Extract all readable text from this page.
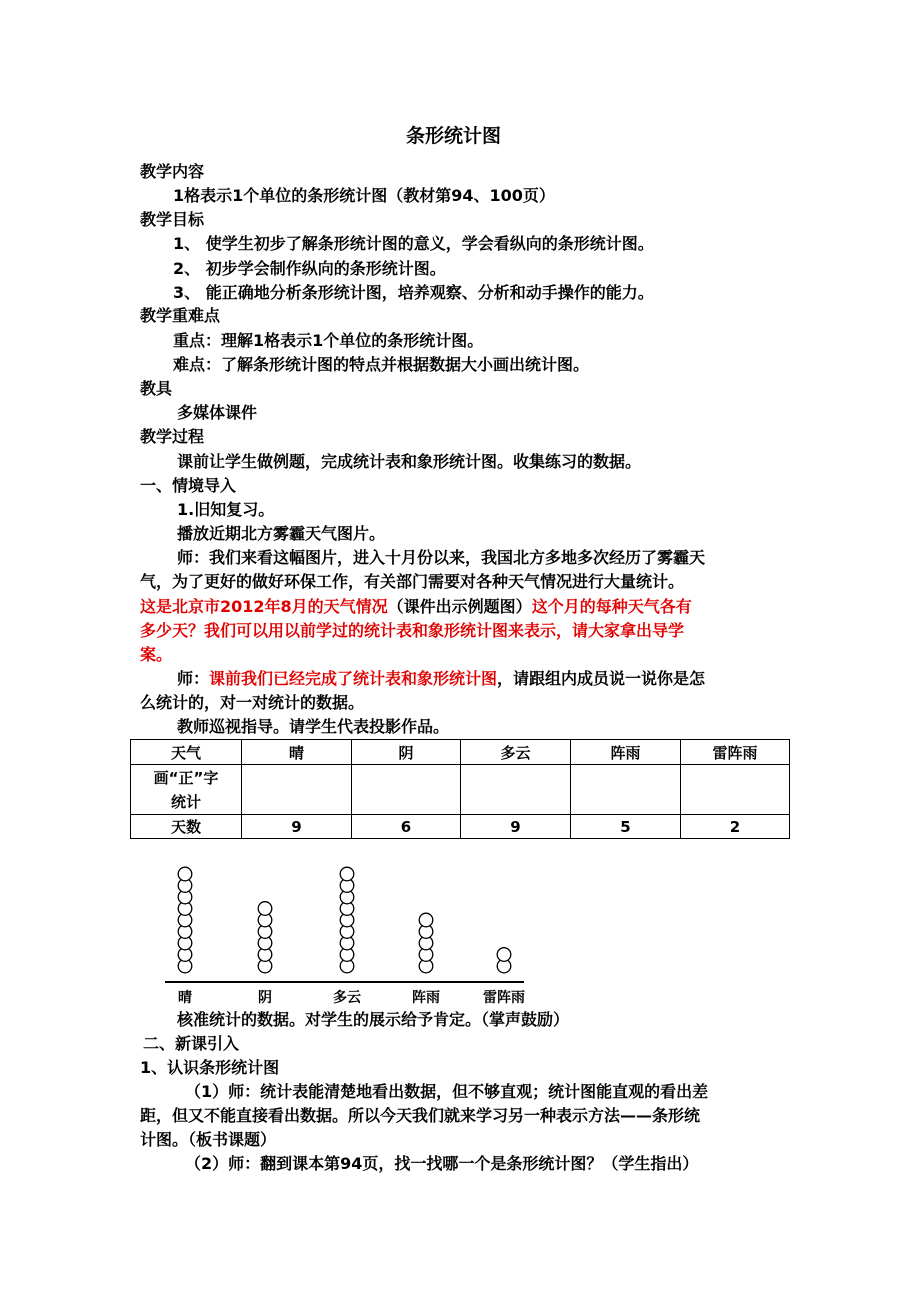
条形统计图
教学内容
1格表示1个单位的条形统计图（教材第94、100页）
教学目标
1、 使学生初步了解条形统计图的意义，学会看纵向的条形统计图。
2、 初步学会制作纵向的条形统计图。
3、 能正确地分析条形统计图，培养观察、分析和动手操作的能力。
教学重难点
重点：理解1格表示1个单位的条形统计图。
难点：了解条形统计图的特点并根据数据大小画出统计图。
教具
多媒体课件
教学过程
课前让学生做例题，完成统计表和象形统计图。收集练习的数据。
一、情境导入
1.旧知复习。
播放近期北方雾霾天气图片。
师：我们来看这幅图片，进入十月份以来，我国北方多地多次经历了雾霾天
气，为了更好的做好环保工作，有关部门需要对各种天气情况进行大量统计。
这是北京市2012年8月的天气情况（课件出示例题图）这个月的每种天气各有
多少天？我们可以用以前学过的统计表和象形统计图来表示，请大家拿出导学
案。
师：课前我们已经完成了统计表和象形统计图，请跟组内成员说一说你是怎
么统计的，对一对统计的数据。
教师巡视指导。请学生代表投影作品。
天气	晴	阴	多云	阵雨	雷阵雨

画“正”字
统计					

天数	9	6	9	5	2
晴	阴	多云	阵雨	雷阵雨
核准统计的数据。对学生的展示给予肯定。（掌声鼓励）
二、新课引入
1、认识条形统计图
（1）师：统计表能清楚地看出数据，但不够直观；统计图能直观的看出差
距，但又不能直接看出数据。所以今天我们就来学习另一种表示方法——条形统
计图。（板书课题）
（2）师：翻到课本第94页，找一找哪一个是条形统计图？（学生指出）
